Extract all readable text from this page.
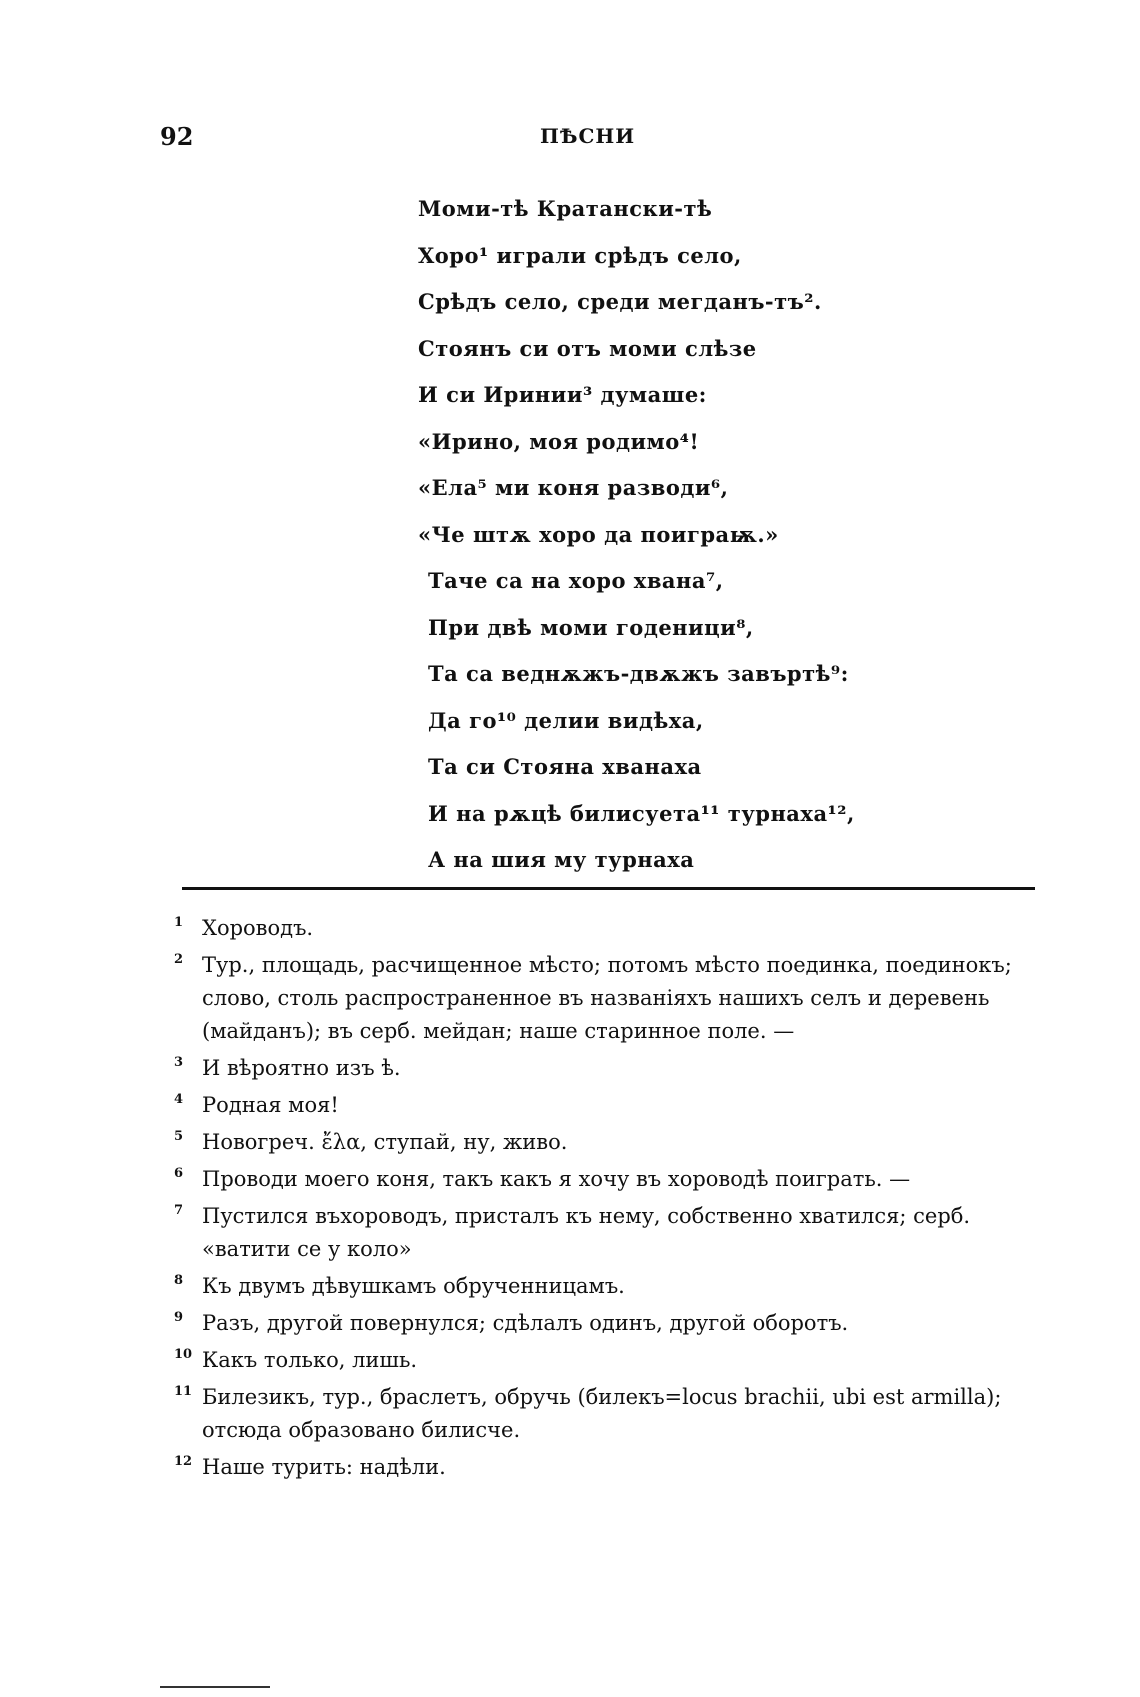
92	ПѢСНИ
Моми-тѣ Кратански-тѣ
Хоро¹ играли срѣдъ село,
Срѣдъ село, среди мегданъ-тъ².
Стоянъ си отъ моми слѣзе
И си Иринии³ думаше:
«Ирино, моя родимо⁴!
«Ела⁵ ми коня разводи⁶,
«Че штѫ хоро да поиграѭ.»
Таче са на хоро хвана⁷,
При двѣ моми годеници⁸,
Та са веднѫжъ-двѫжъ завъртѣ⁹:
Да го¹⁰ делии видѣха,
Та си Стояна хванаха
И на рѫцѣ билисуета¹¹ турнаха¹²,
А на шия му турнаха
1 Хороводъ.
2 Тур., площадь, расчищенное мѣсто; потомъ мѣсто поединка, поединокъ; слово, столь распространенное въ названіяхъ нашихъ селъ и деревень (майданъ); въ серб. мейдан; наше старинное поле. —
3 И вѣроятно изъ ѣ.
4 Родная моя!
5 Новогреч. ἔλα, ступай, ну, живо.
6 Проводи моего коня, такъ какъ я хочу въ хороводѣ поиграть. —
7 Пустился въхороводъ, присталъ къ нему, собственно хватился; серб. «ватити се у коло»
8 Къ двумъ дѣвушкамъ обрученницамъ.
9 Разъ, другой повернулся; сдѣлалъ одинъ, другой оборотъ.
10 Какъ только, лишь.
11 Билезикъ, тур., браслетъ, обручь (билекъ=locus brachii, ubi est armilla); отсюда образовано билисче.
12 Наше турить: надѣли.
